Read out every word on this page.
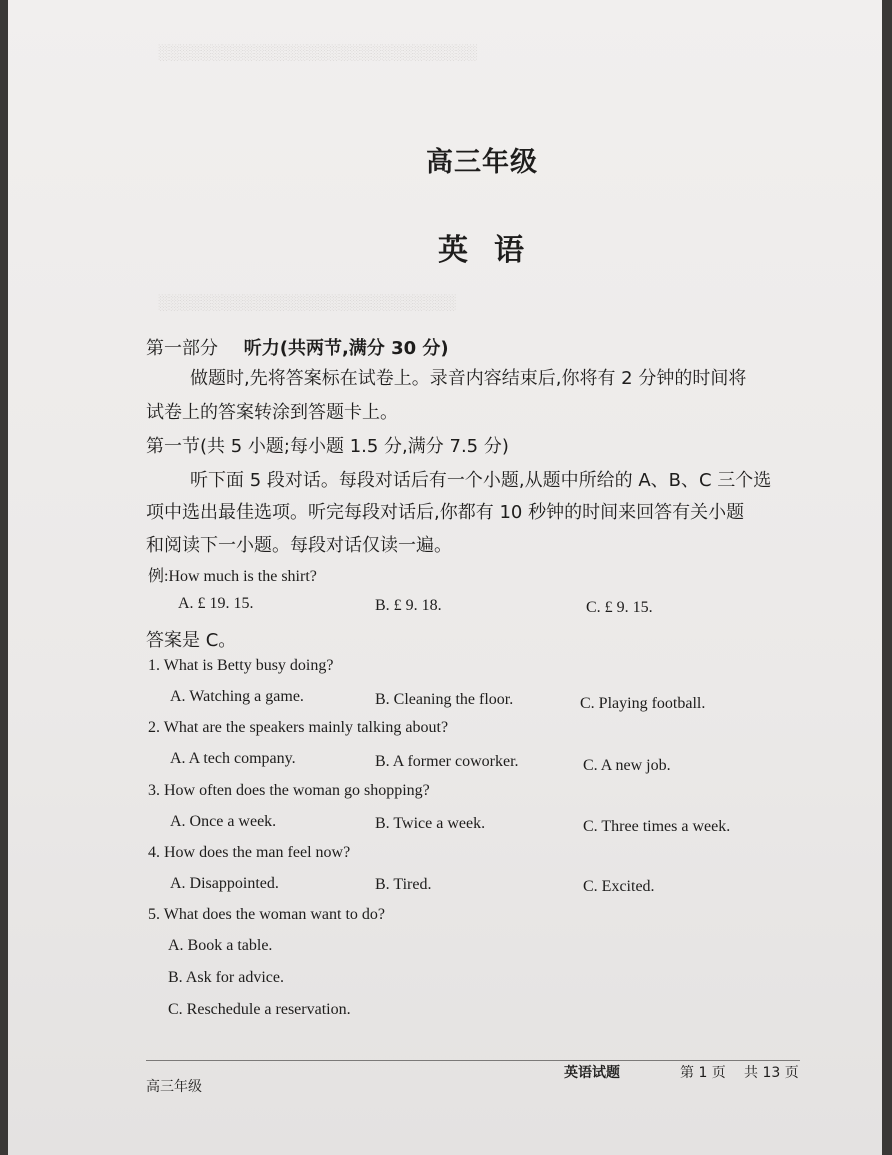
░░░░░░░░░░░░░░░░░░░░░░░░░░░░░░
░░░░░░░░░░░░░░░░░░░░░░░░░░░░
高三年级
英语
第一部分 听力(共两节,满分 30 分)
做题时,先将答案标在试卷上。录音内容结束后,你将有 2 分钟的时间将
试卷上的答案转涂到答题卡上。
第一节(共 5 小题;每小题 1.5 分,满分 7.5 分)
听下面 5 段对话。每段对话后有一个小题,从题中所给的 A、B、C 三个选
项中选出最佳选项。听完每段对话后,你都有 10 秒钟的时间来回答有关小题
和阅读下一小题。每段对话仅读一遍。
例:How much is the shirt?
A. £ 19. 15.	B. £ 9. 18.	C. £ 9. 15.
答案是 C。
1. What is Betty busy doing?
A. Watching a game.	B. Cleaning the floor.	C. Playing football.
2. What are the speakers mainly talking about?
A. A tech company.	B. A former coworker.	C. A new job.
3. How often does the woman go shopping?
A. Once a week.	B. Twice a week.	C. Three times a week.
4. How does the man feel now?
A. Disappointed.	B. Tired.	C. Excited.
5. What does the woman want to do?
A. Book a table.
B. Ask for advice.
C. Reschedule a reservation.
高三年级
英语试题	第 1 页 共 13 页
